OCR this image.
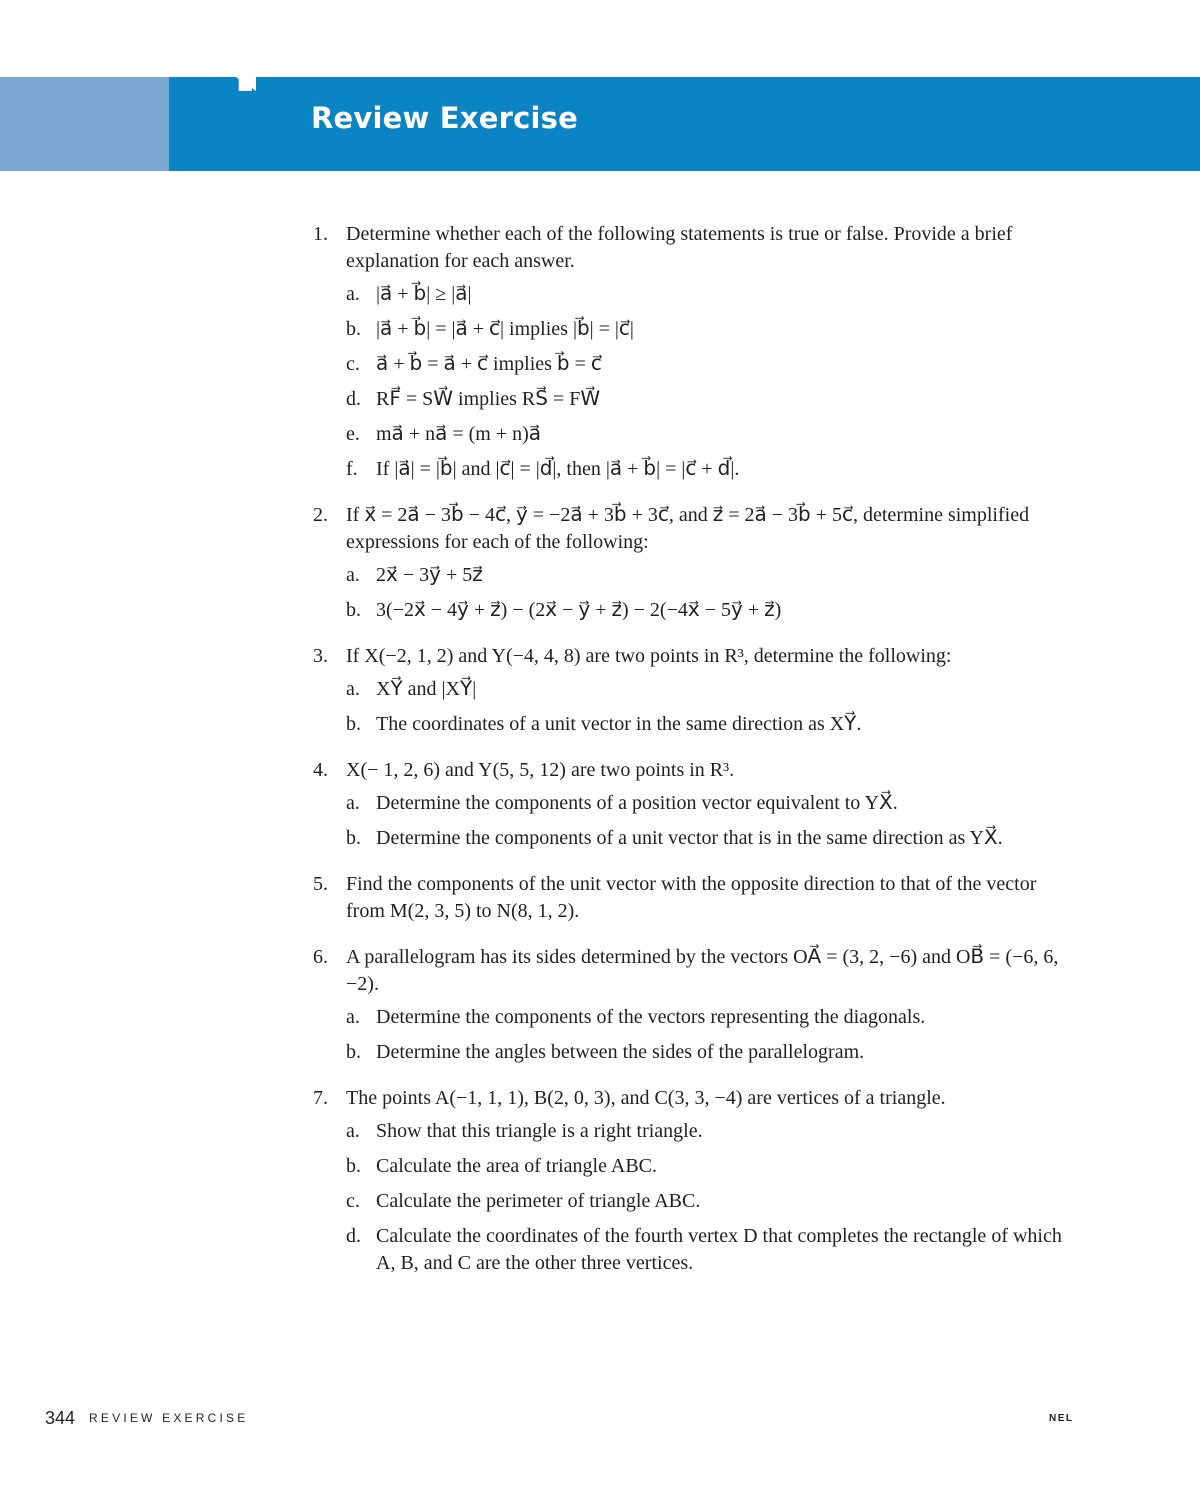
Review Exercise
1. Determine whether each of the following statements is true or false. Provide a brief explanation for each answer.
a. |a⃗ + b⃗| ≥ |a⃗|
b. |a⃗ + b⃗| = |a⃗ + c⃗| implies |b⃗| = |c⃗|
c. a⃗ + b⃗ = a⃗ + c⃗ implies b⃗ = c⃗
d. RF⃗ = SW⃗ implies RS⃗ = FW⃗
e. ma⃗ + na⃗ = (m + n)a⃗
f. If |a⃗| = |b⃗| and |c⃗| = |d⃗|, then |a⃗ + b⃗| = |c⃗ + d⃗|.
2. If x⃗ = 2a⃗ − 3b⃗ − 4c⃗, y⃗ = −2a⃗ + 3b⃗ + 3c⃗, and z⃗ = 2a⃗ − 3b⃗ + 5c⃗, determine simplified expressions for each of the following:
a. 2x⃗ − 3y⃗ + 5z⃗
b. 3(−2x⃗ − 4y⃗ + z⃗) − (2x⃗ − y⃗ + z⃗) − 2(−4x⃗ − 5y⃗ + z⃗)
3. If X(−2, 1, 2) and Y(−4, 4, 8) are two points in R³, determine the following:
a. XY⃗ and |XY⃗|
b. The coordinates of a unit vector in the same direction as XY⃗.
4. X(− 1, 2, 6) and Y(5, 5, 12) are two points in R³.
a. Determine the components of a position vector equivalent to YX⃗.
b. Determine the components of a unit vector that is in the same direction as YX⃗.
5. Find the components of the unit vector with the opposite direction to that of the vector from M(2, 3, 5) to N(8, 1, 2).
6. A parallelogram has its sides determined by the vectors OA⃗ = (3, 2, −6) and OB⃗ = (−6, 6, −2).
a. Determine the components of the vectors representing the diagonals.
b. Determine the angles between the sides of the parallelogram.
7. The points A(−1, 1, 1), B(2, 0, 3), and C(3, 3, −4) are vertices of a triangle.
a. Show that this triangle is a right triangle.
b. Calculate the area of triangle ABC.
c. Calculate the perimeter of triangle ABC.
d. Calculate the coordinates of the fourth vertex D that completes the rectangle of which A, B, and C are the other three vertices.
344 REVIEW EXERCISE	NEL
